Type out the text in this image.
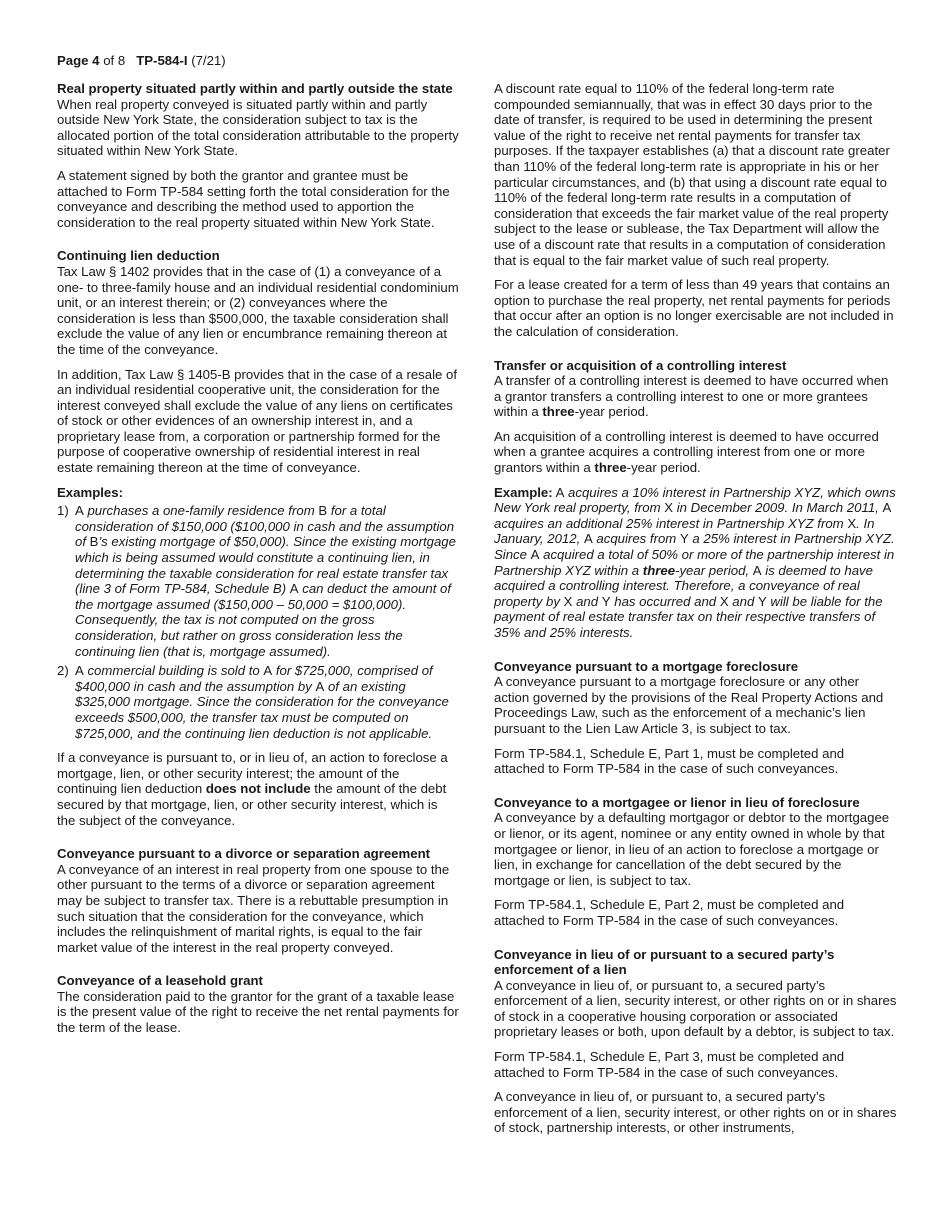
Page 4 of 8 TP-584-I (7/21)
Real property situated partly within and partly outside the state

When real property conveyed is situated partly within and partly outside New York State, the consideration subject to tax is the allocated portion of the total consideration attributable to the property situated within New York State.

A statement signed by both the grantor and grantee must be attached to Form TP-584 setting forth the total consideration for the conveyance and describing the method used to apportion the consideration to the real property situated within New York State.

Continuing lien deduction

Tax Law § 1402 provides that in the case of (1) a conveyance of a one- to three-family house and an individual residential condominium unit, or an interest therein; or (2) conveyances where the consideration is less than $500,000, the taxable consideration shall exclude the value of any lien or encumbrance remaining thereon at the time of the conveyance.

In addition, Tax Law § 1405-B provides that in the case of a resale of an individual residential cooperative unit, the consideration for the interest conveyed shall exclude the value of any liens on certificates of stock or other evidences of an ownership interest in, and a proprietary lease from, a corporation or partnership formed for the purpose of cooperative ownership of residential interest in real estate remaining thereon at the time of conveyance.

Examples:
1) A purchases a one-family residence from B for a total consideration of $150,000 ($100,000 in cash and the assumption of B’s existing mortgage of $50,000). Since the existing mortgage which is being assumed would constitute a continuing lien, in determining the taxable consideration for real estate transfer tax (line 3 of Form TP-584, Schedule B) A can deduct the amount of the mortgage assumed ($150,000 – 50,000 = $100,000). Consequently, the tax is not computed on the gross consideration, but rather on gross consideration less the continuing lien (that is, mortgage assumed).
2) A commercial building is sold to A for $725,000, comprised of $400,000 in cash and the assumption by A of an existing $325,000 mortgage. Since the consideration for the conveyance exceeds $500,000, the transfer tax must be computed on $725,000, and the continuing lien deduction is not applicable.

If a conveyance is pursuant to, or in lieu of, an action to foreclose a mortgage, lien, or other security interest; the amount of the continuing lien deduction does not include the amount of the debt secured by that mortgage, lien, or other security interest, which is the subject of the conveyance.

Conveyance pursuant to a divorce or separation agreement

A conveyance of an interest in real property from one spouse to the other pursuant to the terms of a divorce or separation agreement may be subject to transfer tax. There is a rebuttable presumption in such situation that the consideration for the conveyance, which includes the relinquishment of marital rights, is equal to the fair market value of the interest in the real property conveyed.

Conveyance of a leasehold grant

The consideration paid to the grantor for the grant of a taxable lease is the present value of the right to receive the net rental payments for the term of the lease.

A discount rate equal to 110% of the federal long-term rate compounded semiannually, that was in effect 30 days prior to the date of transfer, is required to be used in determining the present value of the right to receive net rental payments for transfer tax purposes. If the taxpayer establishes (a) that a discount rate greater than 110% of the federal long-term rate is appropriate in his or her particular circumstances, and (b) that using a discount rate equal to 110% of the federal long-term rate results in a computation of consideration that exceeds the fair market value of the real property subject to the lease or sublease, the Tax Department will allow the use of a discount rate that results in a computation of consideration that is equal to the fair market value of such real property.

For a lease created for a term of less than 49 years that contains an option to purchase the real property, net rental payments for periods that occur after an option is no longer exercisable are not included in the calculation of consideration.

Transfer or acquisition of a controlling interest

A transfer of a controlling interest is deemed to have occurred when a grantor transfers a controlling interest to one or more grantees within a three-year period.

An acquisition of a controlling interest is deemed to have occurred when a grantee acquires a controlling interest from one or more grantors within a three-year period.

Example: A acquires a 10% interest in Partnership XYZ, which owns New York real property, from X in December 2009. In March 2011, A acquires an additional 25% interest in Partnership XYZ from X. In January, 2012, A acquires from Y a 25% interest in Partnership XYZ. Since A acquired a total of 50% or more of the partnership interest in Partnership XYZ within a three-year period, A is deemed to have acquired a controlling interest. Therefore, a conveyance of real property by X and Y has occurred and X and Y will be liable for the payment of real estate transfer tax on their respective transfers of 35% and 25% interests.

Conveyance pursuant to a mortgage foreclosure

A conveyance pursuant to a mortgage foreclosure or any other action governed by the provisions of the Real Property Actions and Proceedings Law, such as the enforcement of a mechanic’s lien pursuant to the Lien Law Article 3, is subject to tax.

Form TP-584.1, Schedule E, Part 1, must be completed and attached to Form TP-584 in the case of such conveyances.

Conveyance to a mortgagee or lienor in lieu of foreclosure

A conveyance by a defaulting mortgagor or debtor to the mortgagee or lienor, or its agent, nominee or any entity owned in whole by that mortgagee or lienor, in lieu of an action to foreclose a mortgage or lien, in exchange for cancellation of the debt secured by the mortgage or lien, is subject to tax.

Form TP-584.1, Schedule E, Part 2, must be completed and attached to Form TP-584 in the case of such conveyances.

Conveyance in lieu of or pursuant to a secured party’s enforcement of a lien

A conveyance in lieu of, or pursuant to, a secured party’s enforcement of a lien, security interest, or other rights on or in shares of stock in a cooperative housing corporation or associated proprietary leases or both, upon default by a debtor, is subject to tax.

Form TP-584.1, Schedule E, Part 3, must be completed and attached to Form TP-584 in the case of such conveyances.

A conveyance in lieu of, or pursuant to, a secured party’s enforcement of a lien, security interest, or other rights on or in shares of stock, partnership interests, or other instruments,
